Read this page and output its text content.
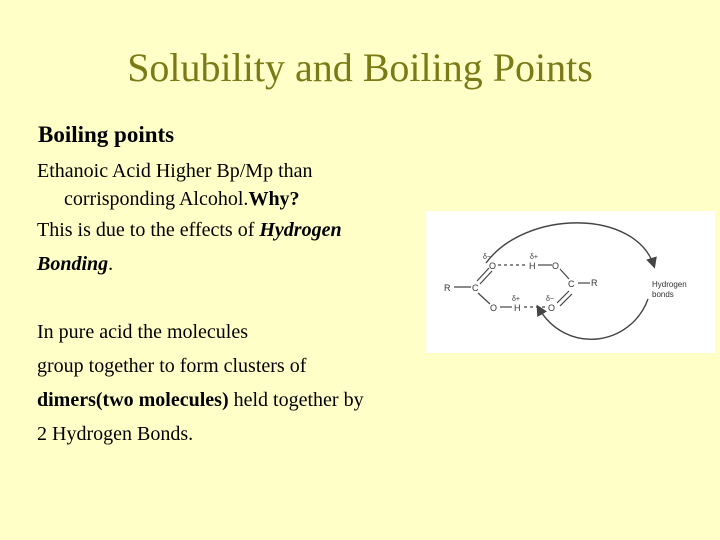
Solubility and Boiling Points
Boiling points
Ethanoic Acid Higher Bp/Mp than
corrisponding Alcohol.Why?
This is due to the effects of Hydrogen
Bonding.
In pure acid the molecules
group together to form clusters of
dimers(two molecules) held together by
2 Hydrogen Bonds.
R C
O
O
H
H
O
O
C R
δ−	δ+
δ+	δ−
Hydrogen
bonds
